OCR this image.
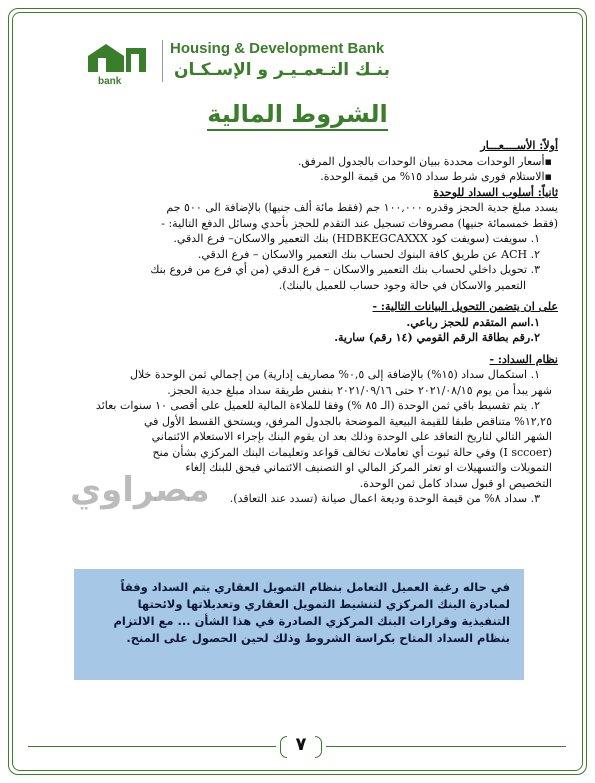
bank
Housing & Development Bank
بنـك التـعمـيـر و الإسـكـان
الشروط المالية

أولاً: الأســــعـــار

▪أسعار الوحدات محددة ببيان الوحدات بالجدول المرفق.

▪الاستلام فورى شرط سداد ١٥% من قيمة الوحدة.

ثانياً: أسلوب السداد للوحدة

يسدد مبلغ جدية الحجز وقدره ١٠٠,٠٠٠ جم (فقط مائة ألف جنيها) بالإضافة الى ٥٠٠ جم

(فقط خمسمائة جنيها) مصروفات تسجيل عند التقدم للحجز بأحدي وسائل الدفع التالية: -

١. سويفت (سويفت كود HDBKEGCAXXX) بنك التعمير والاسكان– فرع الدقي.

٢. ACH عن طريق كافة البنوك لحساب بنك التعمير والاسكان – فرع الدقي.

٣. تحويل داخلي لحساب بنك التعمير والاسكان – فرع الدقي (من أي فرع من فروع بنك

التعمير والاسكان في حالة وجود حساب للعميل بالبنك).

على ان يتضمن التحويل البيانات التالية: -

١.اسم المتقدم للحجز رباعي.

٢.رقم بطاقة الرقم القومي (١٤ رقم) سارية.

نظام السداد: -

١. استكمال سداد (١٥%) بالإضافة إلى ٠,٥% مصاريف إدارية) من إجمالي ثمن الوحدة خلال

شهر يبدأ من يوم ٢٠٢١/٠٨/١٥ حتى ٢٠٢١/٠٩/١٦ بنفس طريقة سداد مبلغ جدية الحجز.

٢. يتم تقسيط باقي ثمن الوحدة (الـ ٨٥ %) وفقا للملاءة المالية للعميل على أقصى ١٠ سنوات بعائد

١٢,٢٥% متناقص طبقا للقيمة البيعية الموضحة بالجدول المرفق، ويستحق القسط الأول في

الشهر التالي لتاريخ التعاقد على الوحدة وذلك بعد ان يقوم البنك بإجراء الاستعلام الائتماني

(I sccoer) وفي حالة ثبوت أي تعاملات تخالف قواعد وتعليمات البنك المركزي بشأن منح

التمويلات والتسهيلات او تعثر المركز المالي او التصنيف الائتماني فيحق للبنك إلغاء

التخصيص او قبول سداد كامل ثمن الوحدة.

٣. سداد ٨% من قيمة الوحدة وديعة اعمال صيانة (تسدد عند التعاقد).

مصراوي
في حاله رغبة العميل التعامل بنظام التمويل العقاري يتم السداد وفقاً لمبادرة البنك المركزي لتنشيط التمويل العقاري وتعديلاتها ولائحتها التنفيذية وقرارات البنك المركزي الصادرة في هذا الشأن ... مع الالتزام بنظام السداد المتاح بكراسة الشروط وذلك لحين الحصول على المنح.
٧
